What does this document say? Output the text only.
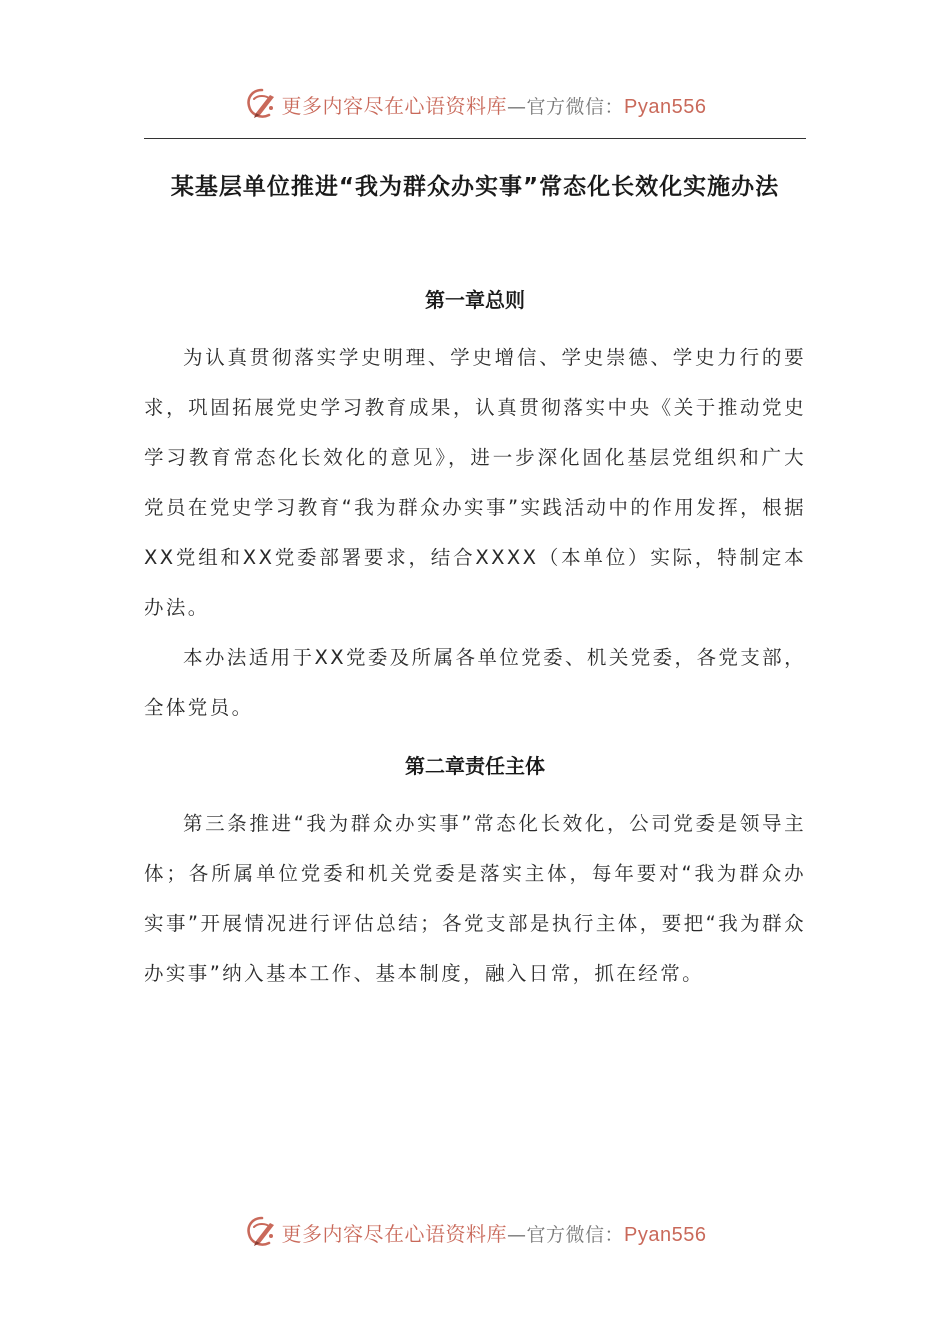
更多内容尽在心语资料库—官方微信：Pyan556
某基层单位推进“我为群众办实事”常态化长效化实施办法
第一章总则

为认真贯彻落实学史明理、学史增信、学史崇德、学史力行的要求，巩固拓展党史学习教育成果，认真贯彻落实中央《关于推动党史学习教育常态化长效化的意见》，进一步深化固化基层党组织和广大党员在党史学习教育“我为群众办实事”实践活动中的作用发挥，根据XX党组和XX党委部署要求，结合XXXX（本单位）实际，特制定本办法。

本办法适用于XX党委及所属各单位党委、机关党委，各党支部，全体党员。

第二章责任主体

第三条推进“我为群众办实事”常态化长效化，公司党委是领导主体；各所属单位党委和机关党委是落实主体，每年要对“我为群众办实事”开展情况进行评估总结；各党支部是执行主体，要把“我为群众办实事”纳入基本工作、基本制度，融入日常，抓在经常。

更多内容尽在心语资料库—官方微信：Pyan556
